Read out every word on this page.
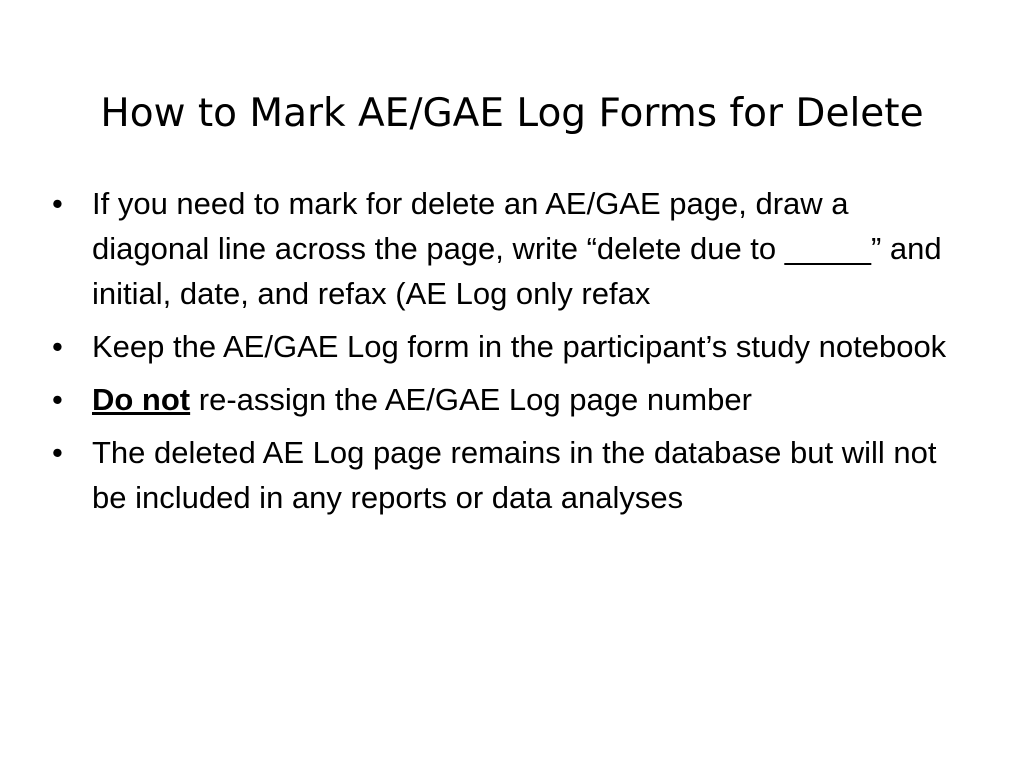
How to Mark AE/GAE Log Forms for Delete
• If you need to mark for delete an AE/GAE page, draw a diagonal line across the page, write “delete due to _____” and initial, date, and refax (AE Log only refax
• Keep the AE/GAE Log form in the participant’s study notebook
• Do not re-assign the AE/GAE Log page number
• The deleted AE Log page remains in the database but will not be included in any reports or data analyses
